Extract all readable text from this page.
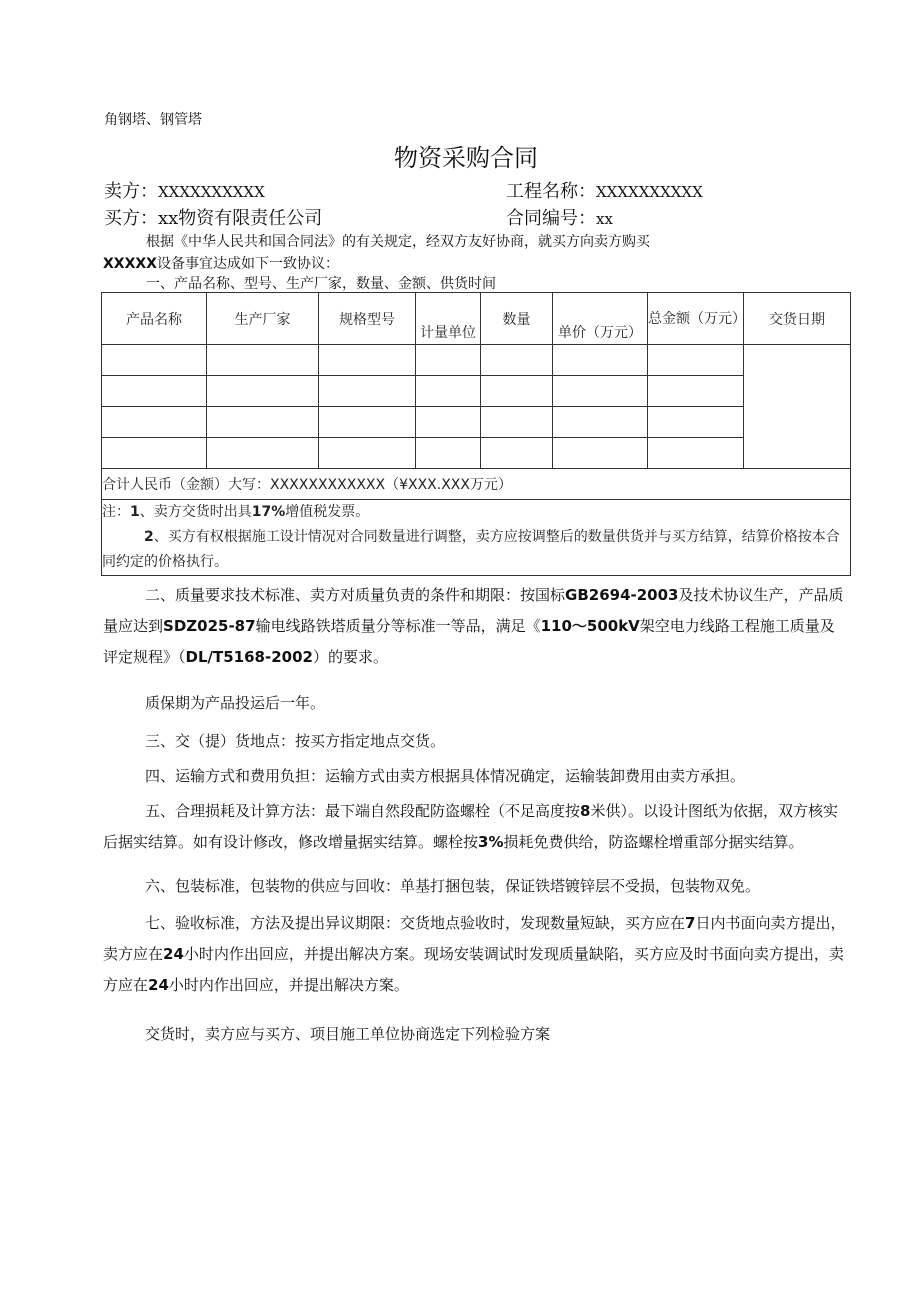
角钢塔、钢管塔
物资采购合同
卖方：XXXXXXXXXX	工程名称：XXXXXXXXXX
买方：xx物资有限责任公司	合同编号：xx
根据《中华人民共和国合同法》的有关规定，经双方友好协商，就买方向卖方购买
XXXXX设备事宜达成如下一致协议：
一、产品名称、型号、生产厂家，数量、金额、供货时间
产品名称	生产厂家	规格型号	计量单位	数量	单价（万元）	总金额（万元）	交货日期

合计人民币（金额）大写：XXXXXXXXXXXX（¥XXX.XXX万元）							

注：1、卖方交货时出具17%增值税发票。
2、买方有权根据施工设计情况对合同数量进行调整，卖方应按调整后的数量供货并与买方结算，结算价格按本合同约定的价格执行。							
二、质量要求技术标准、卖方对质量负责的条件和期限：按国标GB2694-2003及技术协议生产，产品质量应达到SDZ025-87输电线路铁塔质量分等标准一等品，满足《110～500kV架空电力线路工程施工质量及评定规程》（DL/T5168-2002）的要求。
质保期为产品投运后一年。
三、交（提）货地点：按买方指定地点交货。
四、运输方式和费用负担：运输方式由卖方根据具体情况确定，运输装卸费用由卖方承担。
五、合理损耗及计算方法：最下端自然段配防盗螺栓（不足高度按8米供）。以设计图纸为依据，双方核实后据实结算。如有设计修改，修改增量据实结算。螺栓按3%损耗免费供给，防盗螺栓增重部分据实结算。
六、包装标准，包装物的供应与回收：单基打捆包装，保证铁塔镀锌层不受损，包装物双免。
七、验收标准，方法及提出异议期限：交货地点验收时，发现数量短缺，买方应在7日内书面向卖方提出，卖方应在24小时内作出回应，并提出解决方案。现场安装调试时发现质量缺陷，买方应及时书面向卖方提出，卖方应在24小时内作出回应，并提出解决方案。
交货时，卖方应与买方、项目施工单位协商选定下列检验方案
